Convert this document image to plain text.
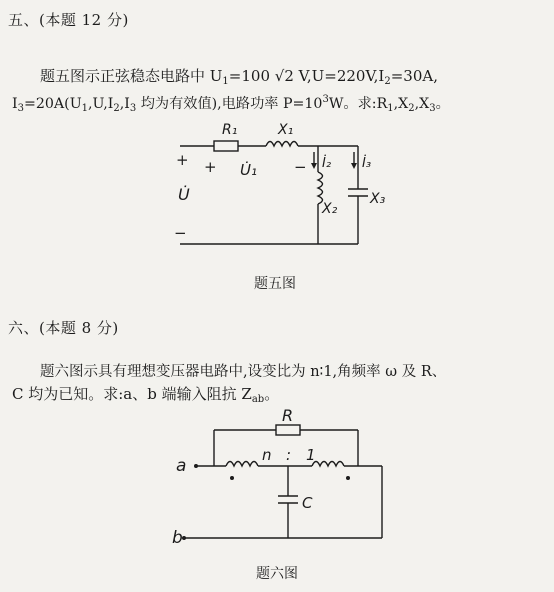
五、(本题 12 分)
题五图示正弦稳态电路中 $U_1=100$ √2 $V,U=220V,I_2=30A$,
$I_3=20A(U_1,U,I_2,I_3$ 均为有效值),电路功率 $P=10^3W$。求$:R_1,X_2,X_3$。
R₁	X₁
U̇₁	İ₂ İ₃
X₂
X₃
U̇
+ +	−
−
题五图
六、(本题 8 分)
题六图示具有理想变压器电路中,设变比为 n∶1,角频率 ω 及 R、
C 均为已知。求:a、b 端输入阻抗 $Z_{ab}$。
R
n : 1
C
a
b
题六图
